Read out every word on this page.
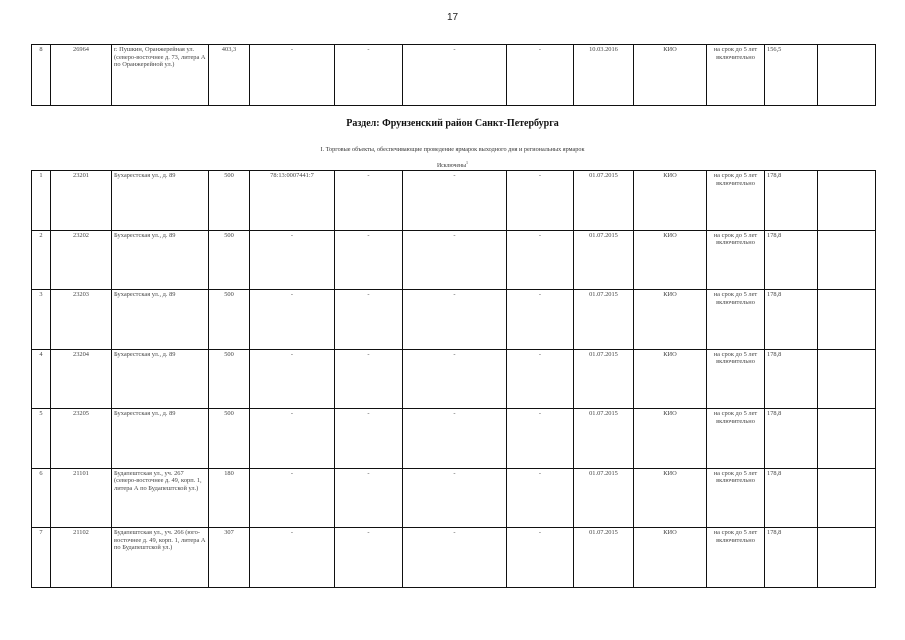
17
8	26964	г. Пушкин, Оранжерейная ул. (северо-восточнее д. 73, литера А по Оранжерейной ул.)	403,3	-	-	-	-	10.03.2016	КИО	на срок до 5 лет включительно	156,5	
Раздел: Фрунзенский район Санкт-Петербурга
I. Торговые объекты, обеспечивающие проведение ярмарок выходного дня и региональных ярмарок
Исключены$^1$
1	23201	Бухарестская ул., д. 89	500	78:13:0007441:7	-	-	-	01.07.2015	КИО	на срок до 5 лет включительно	178,8	
2	23202	Бухарестская ул., д. 89	500	-	-	-	-	01.07.2015	КИО	на срок до 5 лет включительно	178,8	
3	23203	Бухарестская ул., д. 89	500	-	-	-	-	01.07.2015	КИО	на срок до 5 лет включительно	178,8	
4	23204	Бухарестская ул., д. 89	500	-	-	-	-	01.07.2015	КИО	на срок до 5 лет включительно	178,8	
5	23205	Бухарестская ул., д. 89	500	-	-	-	-	01.07.2015	КИО	на срок до 5 лет включительно	178,8	
6	21101	Будапештская ул., уч. 267 (северо-восточнее д. 49, корп. 1, литера А по Будапештской ул.)	180	-	-	-	-	01.07.2015	КИО	на срок до 5 лет включительно	178,8	
7	21102	Будапештская ул., уч. 266 (юго-восточнее д. 49, корп. 1, литера А по Будапештской ул.)	307	-	-	-	-	01.07.2015	КИО	на срок до 5 лет включительно	178,8	
